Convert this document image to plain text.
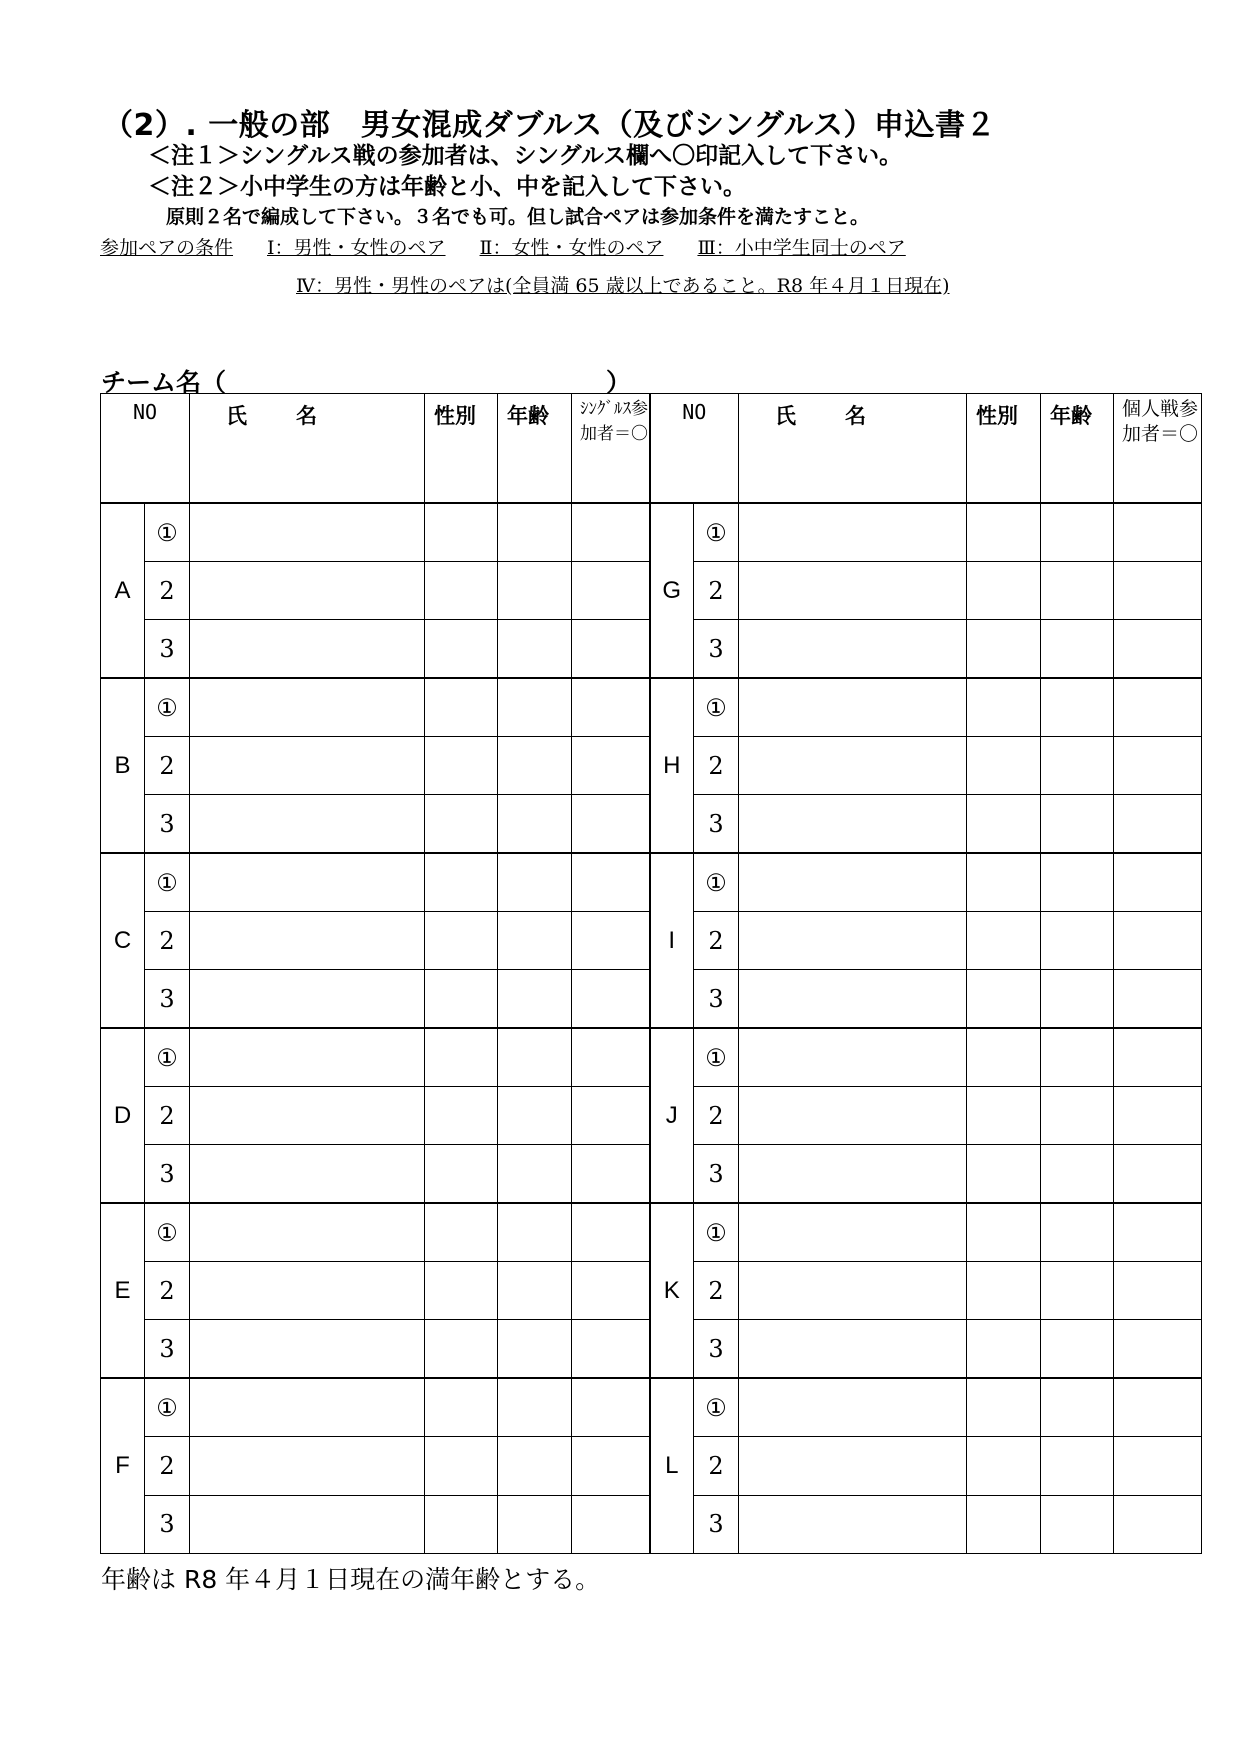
（2）. 一般の部　男女混成ダブルス（及びシングルス）申込書２
＜注１＞シングルス戦の参加者は、シングルス欄へ〇印記入して下さい。
＜注２＞小中学生の方は年齢と小、中を記入して下さい。
原則２名で編成して下さい。３名でも可。但し試合ペアは参加条件を満たすこと。
参加ペアの条件 Ⅰ：男性・女性のペア Ⅱ：女性・女性のペア Ⅲ：小中学生同士のペア
Ⅳ：男性・男性のペアは(全員満 65 歳以上であること。R8 年４月１日現在)
チーム名（	）
NO		氏　名	性別	年齢	ｼﾝｸﾞﾙｽ参加者＝〇	NO		氏　名	性別	年齢	個人戦参加者＝〇
A	①					G	①				
	2						2				
	3						3				
B	①					H	①				
	2						2				
	3						3				
C	①					I	①				
	2						2				
	3						3				
D	①					J	①				
	2						2				
	3						3				
E	①					K	①				
	2						2				
	3						3				
F	①					L	①				
	2						2				
	3						3				
年齢は R8 年４月１日現在の満年齢とする。
